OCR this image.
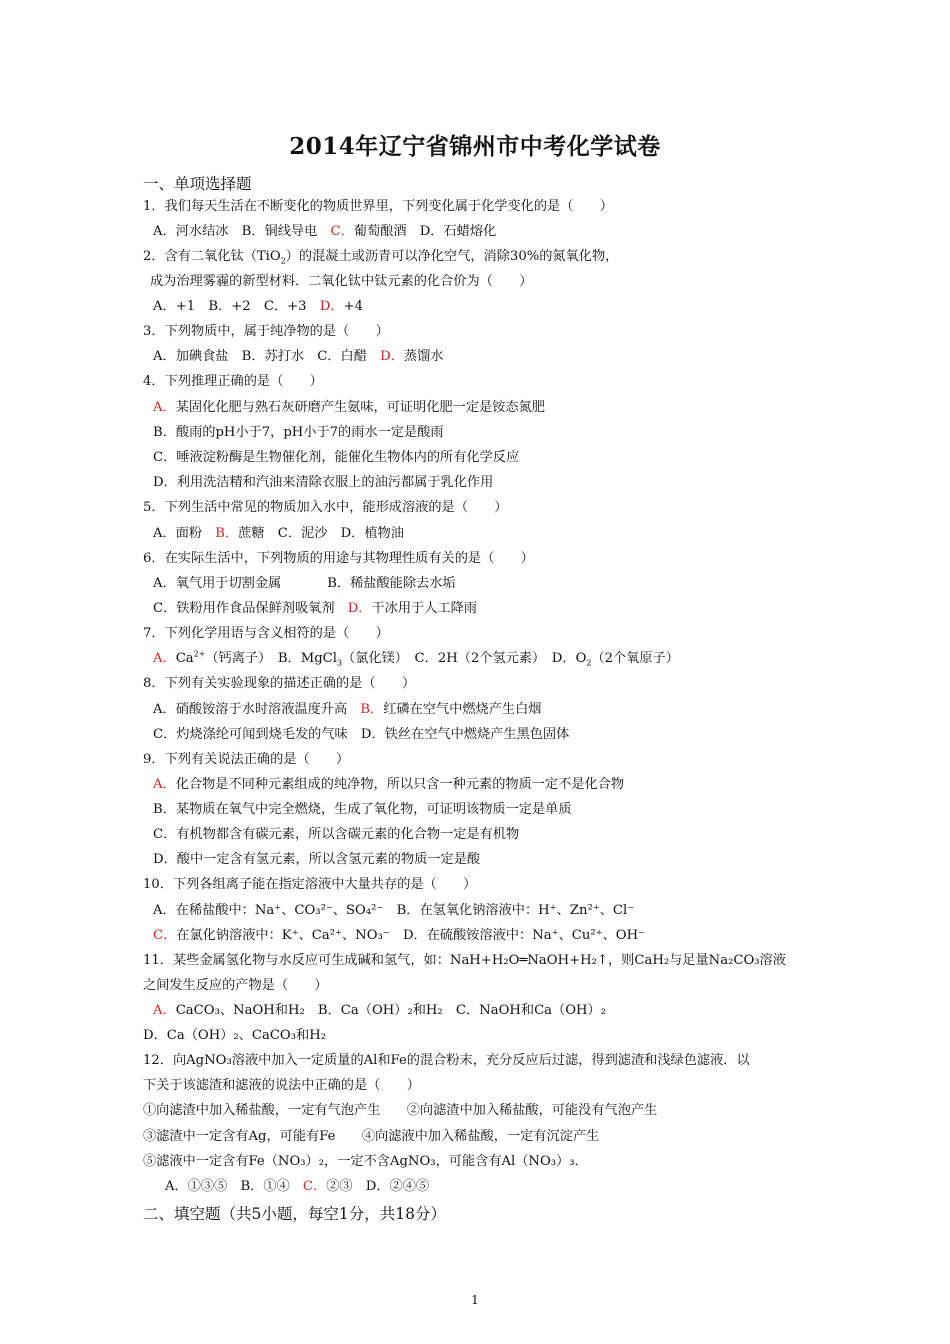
2014年辽宁省锦州市中考化学试卷
一、单项选择题
1．我们每天生活在不断变化的物质世界里，下列变化属于化学变化的是（　　）
A．河水结冰　 B．铜线导电　 C．葡萄酿酒　 D．石蜡熔化
2．含有二氧化钛（TiO$_2$）的混凝土或沥青可以净化空气，消除30%的氮氧化物，
成为治理雾霾的新型材料．二氧化钛中钛元素的化合价为（　　）
A．+1　B．+2　C．+3　D．+4
3．下列物质中，属于纯净物的是（　　）
A．加碘食盐　B．苏打水　C．白醋　D．蒸馏水
4．下列推理正确的是（　　）
A．某固化化肥与熟石灰研磨产生氨味，可证明化肥一定是铵态氮肥
B．酸雨的pH小于7，pH小于7的雨水一定是酸雨
C．唾液淀粉酶是生物催化剂，能催化生物体内的所有化学反应
D．利用洗洁精和汽油来清除衣服上的油污都属于乳化作用
5．下列生活中常见的物质加入水中，能形成溶液的是（　　）
A．面粉　B．蔗糖　C．泥沙　D．植物油
6．在实际生活中，下列物质的用途与其物理性质有关的是（　　）
A．氧气用于切割金属	B．稀盐酸能除去水垢
C．铁粉用作食品保鲜剂吸氧剂　D．干冰用于人工降雨
7．下列化学用语与含义相符的是（　　）
A．$Ca^{2+}$（钙离子）　B．MgCl$_3$（氯化镁）　C．2H（2个氢元素）　D．$O_2(2$个氧原子）
8．下列有关实验现象的描述正确的是（　　）
A．硝酸铵溶于水时溶液温度升高　B．红磷在空气中燃烧产生白烟
C．灼烧涤纶可闻到烧毛发的气味　D．铁丝在空气中燃烧产生黑色固体
9．下列有关说法正确的是（　　）
A．化合物是不同种元素组成的纯净物，所以只含一种元素的物质一定不是化合物
B．某物质在氧气中完全燃烧，生成了氧化物，可证明该物质一定是单质
C．有机物都含有碳元素，所以含碳元素的化合物一定是有机物
D．酸中一定含有氢元素，所以含氢元素的物质一定是酸
10．下列各组离子能在指定溶液中大量共存的是（　　）
A．在稀盐酸中：Na⁺、CO₃²⁻、SO₄²⁻　B．在氢氧化钠溶液中：H⁺、Zn²⁺、Cl⁻
C．在氯化钠溶液中：K⁺、Ca²⁺、NO₃⁻　D．在硫酸铵溶液中：Na⁺、Cu²⁺、OH⁻
11．某些金属氢化物与水反应可生成碱和氢气，如：NaH+H₂O═NaOH+H₂↑，则CaH₂与足量Na₂CO₃溶液
之间发生反应的产物是（　　）
A．CaCO₃、NaOH和H₂　B．Ca（OH）₂和H₂　C．NaOH和Ca（OH）₂
D．Ca（OH）₂、CaCO₃和H₂
12．向AgNO₃溶液中加入一定质量的Al和Fe的混合粉末，充分反应后过滤，得到滤渣和浅绿色滤液．以
下关于该滤渣和滤液的说法中正确的是（　　）
①向滤渣中加入稀盐酸，一定有气泡产生　　②向滤渣中加入稀盐酸，可能没有气泡产生
③滤渣中一定含有Ag，可能有Fe　　④向滤液中加入稀盐酸，一定有沉淀产生
⑤滤液中一定含有Fe（NO₃）₂，一定不含AgNO₃，可能含有Al（NO₃）₃．
A．①③⑤　B．①④　C．②③　D．②④⑤
二、填空题（共5小题，每空1分，共18分）
1
